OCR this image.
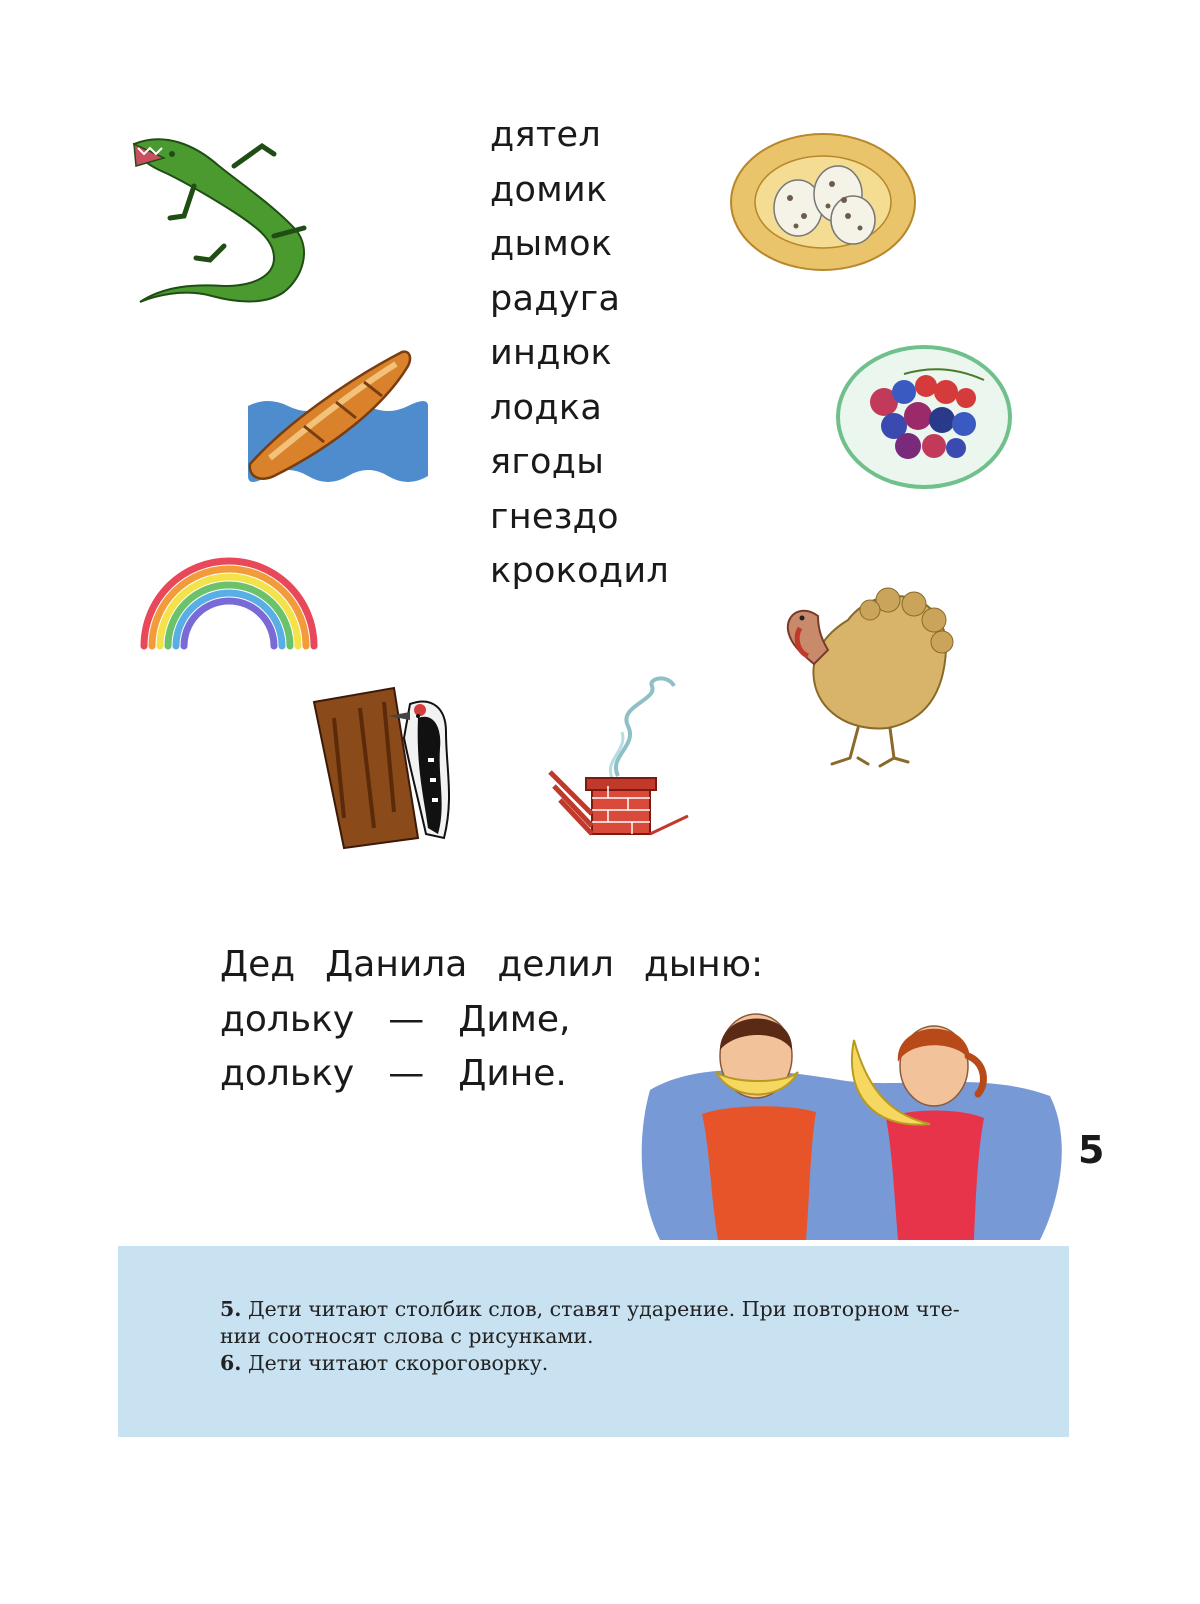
дятел
домик
дымок
радуга
индюк
лодка
ягоды
гнездо
крокодил
Дед Данила делил дыню:
дольку — Диме,
дольку — Дине.
5
5. Дети читают столбик слов, ставят ударение. При повторном чте-
нии соотносят слова с рисунками.
6. Дети читают скороговорку.
